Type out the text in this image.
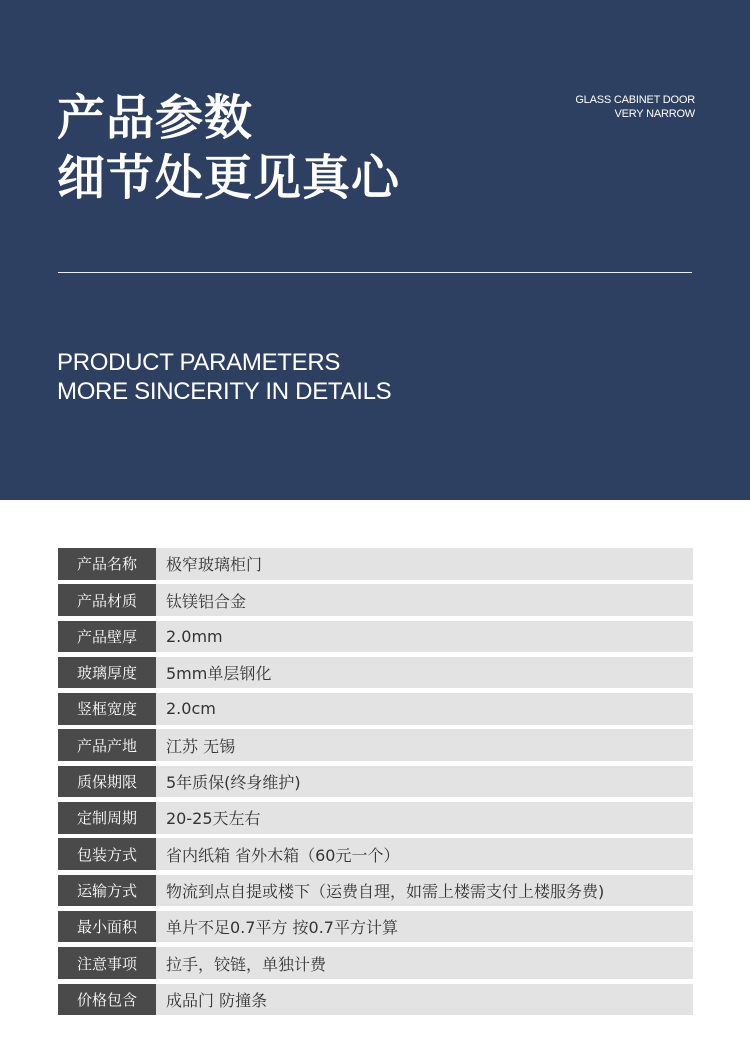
产品参数
细节处更见真心
GLASS CABINET DOOR
VERY NARROW
PRODUCT PARAMETERS
MORE SINCERITY IN DETAILS
产品名称	极窄玻璃柜门
产品材质	钛镁铝合金
产品壁厚	2.0mm
玻璃厚度	5mm单层钢化
竖框宽度	2.0cm
产品产地	江苏 无锡
质保期限	5年质保(终身维护)
定制周期	20-25天左右
包装方式	省内纸箱 省外木箱（60元一个）
运输方式	物流到点自提或楼下（运费自理，如需上楼需支付上楼服务费)
最小面积	单片不足0.7平方 按0.7平方计算
注意事项	拉手，铰链，单独计费
价格包含	成品门 防撞条
